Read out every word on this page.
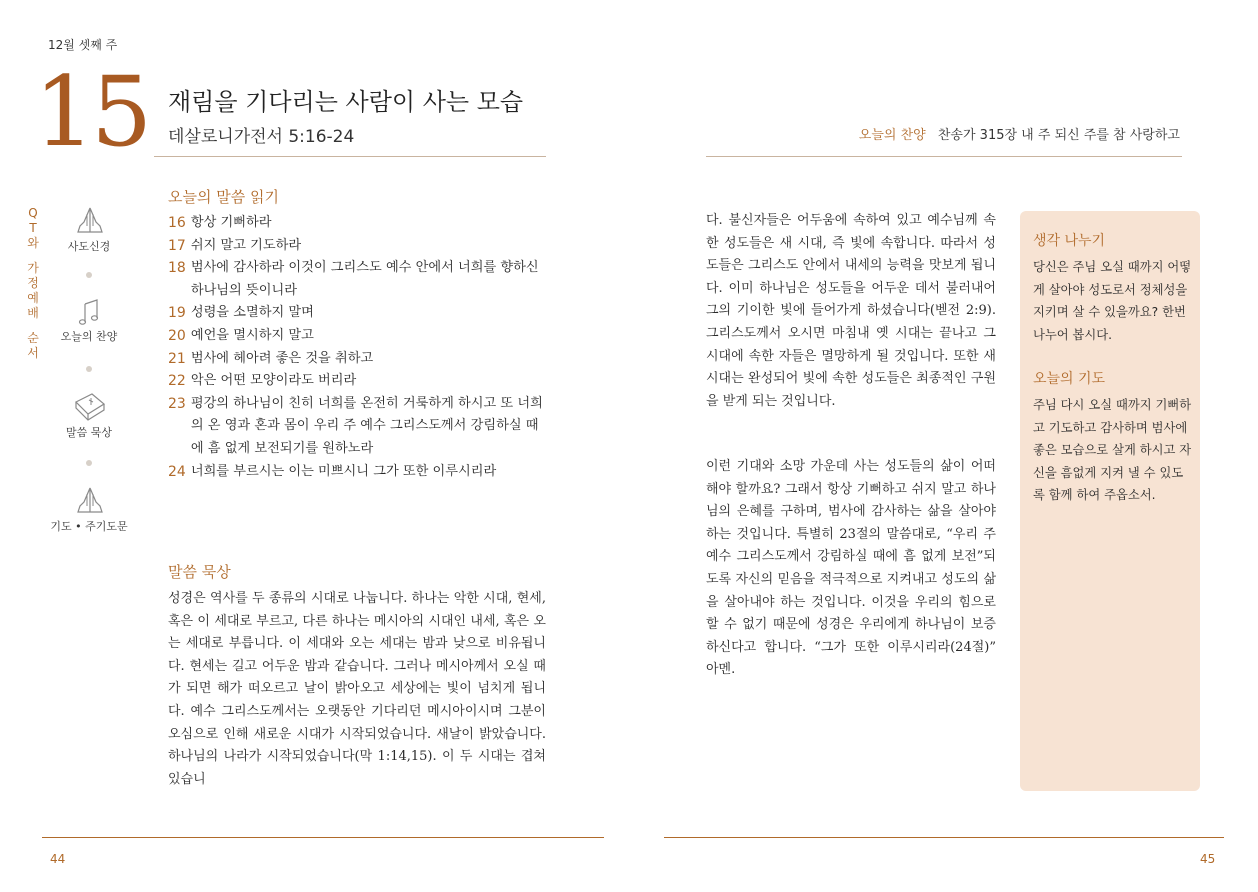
12월 셋째 주
15 재림을 기다리는 사람이 사는 모습
데살로니가전서 5:16-24	오늘의 찬양 찬송가 315장 내 주 되신 주를 참 사랑하고
Q
T
와
가
정
예
배
순
서
사도신경
오늘의 찬양
말씀 묵상
기도 • 주기도문
오늘의 말씀 읽기
16 항상 기뻐하라
17 쉬지 말고 기도하라
18 범사에 감사하라 이것이 그리스도 예수 안에서 너희를 향하신 하나님의 뜻이니라
19 성령을 소멸하지 말며
20 예언을 멸시하지 말고
21 범사에 헤아려 좋은 것을 취하고
22 악은 어떤 모양이라도 버리라
23 평강의 하나님이 친히 너희를 온전히 거룩하게 하시고 또 너희의 온 영과 혼과 몸이 우리 주 예수 그리스도께서 강림하실 때에 흠 없게 보전되기를 원하노라
24 너희를 부르시는 이는 미쁘시니 그가 또한 이루시리라
말씀 묵상
성경은 역사를 두 종류의 시대로 나눕니다. 하나는 악한 시대, 현세, 혹은 이 세대로 부르고, 다른 하나는 메시아의 시대인 내세, 혹은 오는 세대로 부릅니다. 이 세대와 오는 세대는 밤과 낮으로 비유됩니다. 현세는 길고 어두운 밤과 같습니다. 그러나 메시아께서 오실 때가 되면 해가 떠오르고 날이 밝아오고 세상에는 빛이 넘치게 됩니다. 예수 그리스도께서는 오랫동안 기다리던 메시아이시며 그분이 오심으로 인해 새로운 시대가 시작되었습니다. 새날이 밝았습니다. 하나님의 나라가 시작되었습니다(막 1:14,15). 이 두 시대는 겹쳐 있습니
다. 불신자들은 어두움에 속하여 있고 예수님께 속한 성도들은 새 시대, 즉 빛에 속합니다. 따라서 성도들은 그리스도 안에서 내세의 능력을 맛보게 됩니다. 이미 하나님은 성도들을 어두운 데서 불러내어 그의 기이한 빛에 들어가게 하셨습니다(벧전 2:9). 그리스도께서 오시면 마침내 옛 시대는 끝나고 그 시대에 속한 자들은 멸망하게 될 것입니다. 또한 새 시대는 완성되어 빛에 속한 성도들은 최종적인 구원을 받게 되는 것입니다.
이런 기대와 소망 가운데 사는 성도들의 삶이 어떠해야 할까요? 그래서 항상 기뻐하고 쉬지 말고 하나님의 은혜를 구하며, 범사에 감사하는 삶을 살아야 하는 것입니다. 특별히 23절의 말씀대로, “우리 주 예수 그리스도께서 강림하실 때에 흠 없게 보전”되도록 자신의 믿음을 적극적으로 지켜내고 성도의 삶을 살아내야 하는 것입니다. 이것을 우리의 힘으로 할 수 없기 때문에 성경은 우리에게 하나님이 보증하신다고 합니다. “그가 또한 이루시리라(24절)” 아멘.
생각 나누기
당신은 주님 오실 때까지 어떻게 살아야 성도로서 정체성을 지키며 살 수 있을까요? 한번 나누어 봅시다.
오늘의 기도
주님 다시 오실 때까지 기뻐하고 기도하고 감사하며 범사에 좋은 모습으로 살게 하시고 자신을 흠없게 지켜 낼 수 있도록 함께 하여 주옵소서.
44	45
